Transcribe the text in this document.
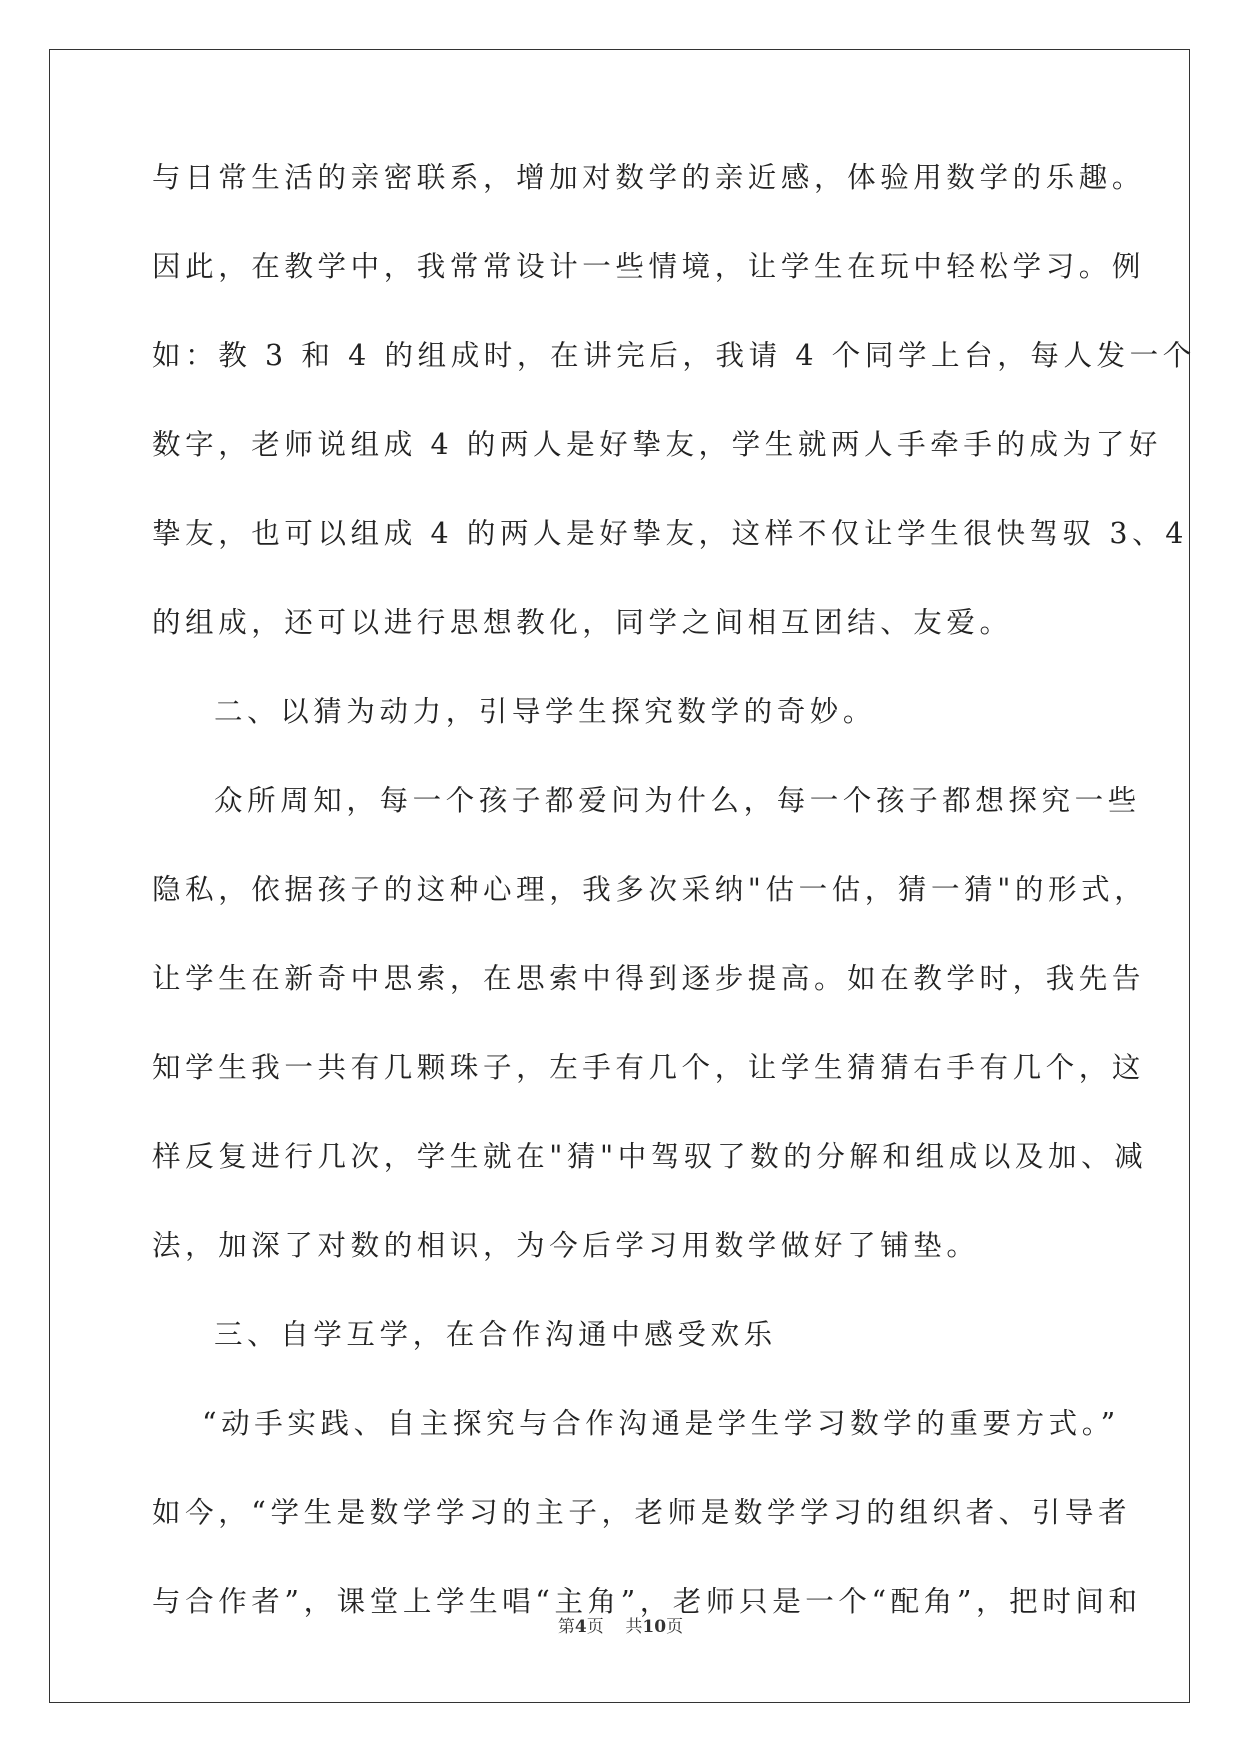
与日常生活的亲密联系，增加对数学的亲近感，体验用数学的乐趣。
因此，在教学中，我常常设计一些情境，让学生在玩中轻松学习。例
如：教 3 和 4 的组成时，在讲完后，我请 4 个同学上台，每人发一个
数字，老师说组成 4 的两人是好挚友，学生就两人手牵手的成为了好
挚友，也可以组成 4 的两人是好挚友，这样不仅让学生很快驾驭 3、4
的组成，还可以进行思想教化，同学之间相互团结、友爱。
二、以猜为动力，引导学生探究数学的奇妙。
众所周知，每一个孩子都爱问为什么，每一个孩子都想探究一些
隐私，依据孩子的这种心理，我多次采纳"估一估，猜一猜"的形式，
让学生在新奇中思索，在思索中得到逐步提高。如在教学时，我先告
知学生我一共有几颗珠子，左手有几个，让学生猜猜右手有几个，这
样反复进行几次，学生就在"猜"中驾驭了数的分解和组成以及加、减
法，加深了对数的相识，为今后学习用数学做好了铺垫。
三、自学互学，在合作沟通中感受欢乐
“动手实践、自主探究与合作沟通是学生学习数学的重要方式。”
如今，“学生是数学学习的主子，老师是数学学习的组织者、引导者
与合作者”，课堂上学生唱“主角”，老师只是一个“配角”，把时间和
第4页    共10页
